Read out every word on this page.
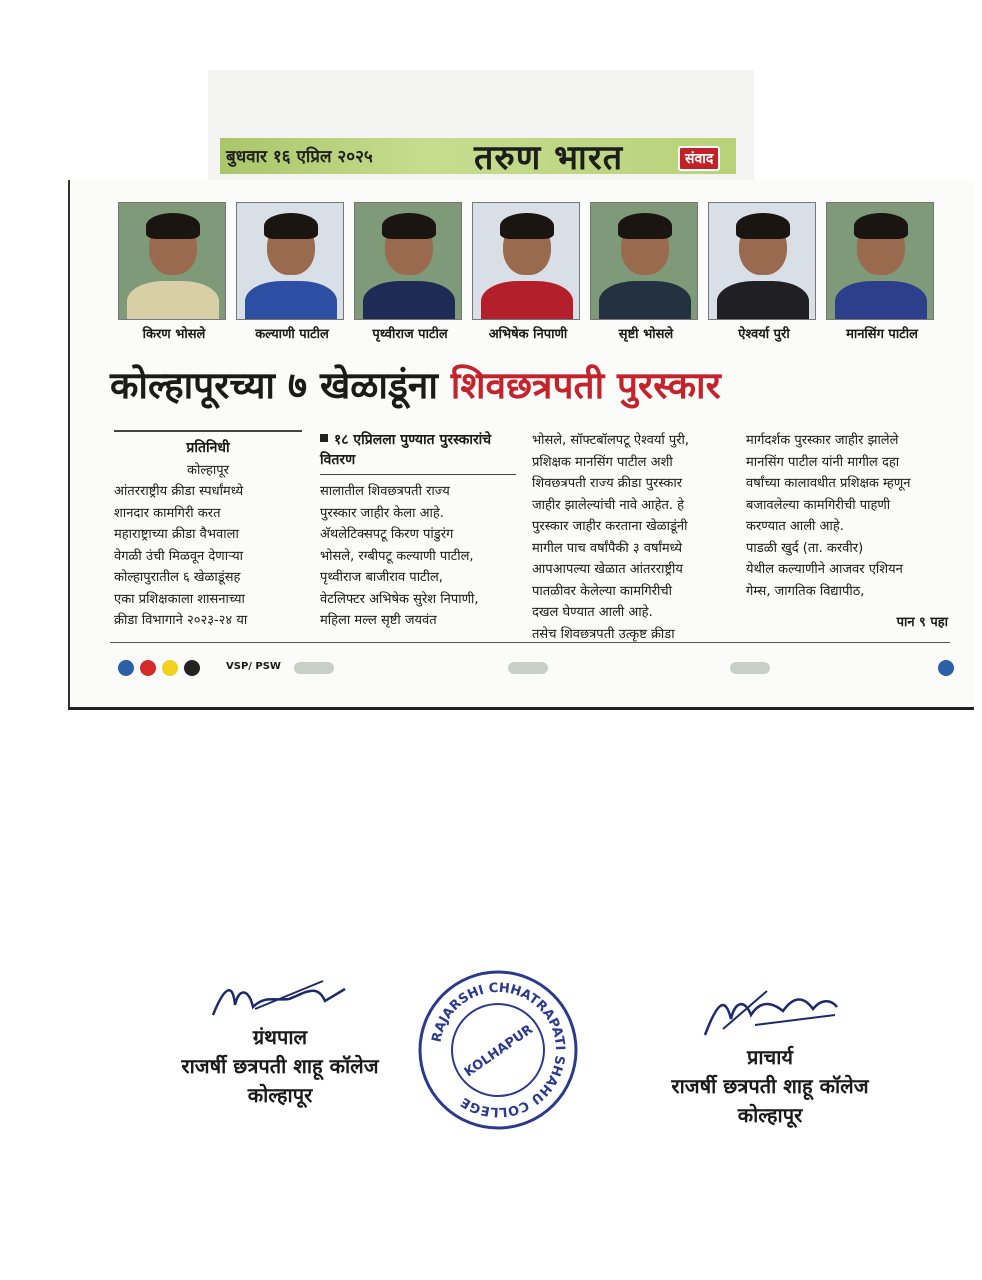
बुधवार १६ एप्रिल २०२५	तरुण भारत	संवाद
किरण भोसले	कल्याणी पाटील	पृथ्वीराज पाटील	अभिषेक निपाणी	सृष्टी भोसले	ऐश्वर्या पुरी	मानसिंग पाटील
कोल्हापूरच्या ७ खेळाडूंना शिवछत्रपती पुरस्कार

प्रतिनिधी

कोल्हापूर

आंतरराष्ट्रीय क्रीडा स्पर्धांमध्ये

शानदार कामगिरी करत

महाराष्ट्राच्या क्रीडा वैभवाला

वेगळी उंची मिळवून देणाऱ्या

कोल्हापुरातील ६ खेळाडूंसह

एका प्रशिक्षकाला शासनाच्या

क्रीडा विभागाने २०२३-२४ या

१८ एप्रिलला पुण्यात पुरस्कारांचे वितरण

सालातील शिवछत्रपती राज्य

पुरस्कार जाहीर केला आहे.

अ‍ॅथलेटिक्सपटू किरण पांडुरंग

भोसले, रग्बीपटू कल्याणी पाटील,

पृथ्वीराज बाजीराव पाटील,

वेटलिफ्टर अभिषेक सुरेश निपाणी,

महिला मल्ल सृष्टी जयवंत

भोसले, सॉफ्टबॉलपटू ऐश्वर्या पुरी,

प्रशिक्षक मानसिंग पाटील अशी

शिवछत्रपती राज्य क्रीडा पुरस्कार

जाहीर झालेल्यांची नावे आहेत. हे

पुरस्कार जाहीर करताना खेळाडूंनी

मागील पाच वर्षांपैकी ३ वर्षांमध्ये

आपआपल्या खेळात आंतरराष्ट्रीय

पातळीवर केलेल्या कामगिरीची

दखल घेण्यात आली आहे.

तसेच शिवछत्रपती उत्कृष्ट क्रीडा

मार्गदर्शक पुरस्कार जाहीर झालेले

मानसिंग पाटील यांनी मागील दहा

वर्षांच्या कालावधीत प्रशिक्षक म्हणून

बजावलेल्या कामगिरीची पाहणी

करण्यात आली आहे.

पाडळी खुर्द (ता. करवीर)

येथील कल्याणीने आजवर एशियन

गेम्स, जागतिक विद्यापीठ,

पान ९ पहा
VSP/ PSW
ग्रंथपाल
राजर्षी छत्रपती शाहू कॉलेज
कोल्हापूर
RAJARSHI CHHATRAPATI SHAHU COLLEGE
KOLHAPUR	प्राचार्य
राजर्षी छत्रपती शाहू कॉलेज
कोल्हापूर
